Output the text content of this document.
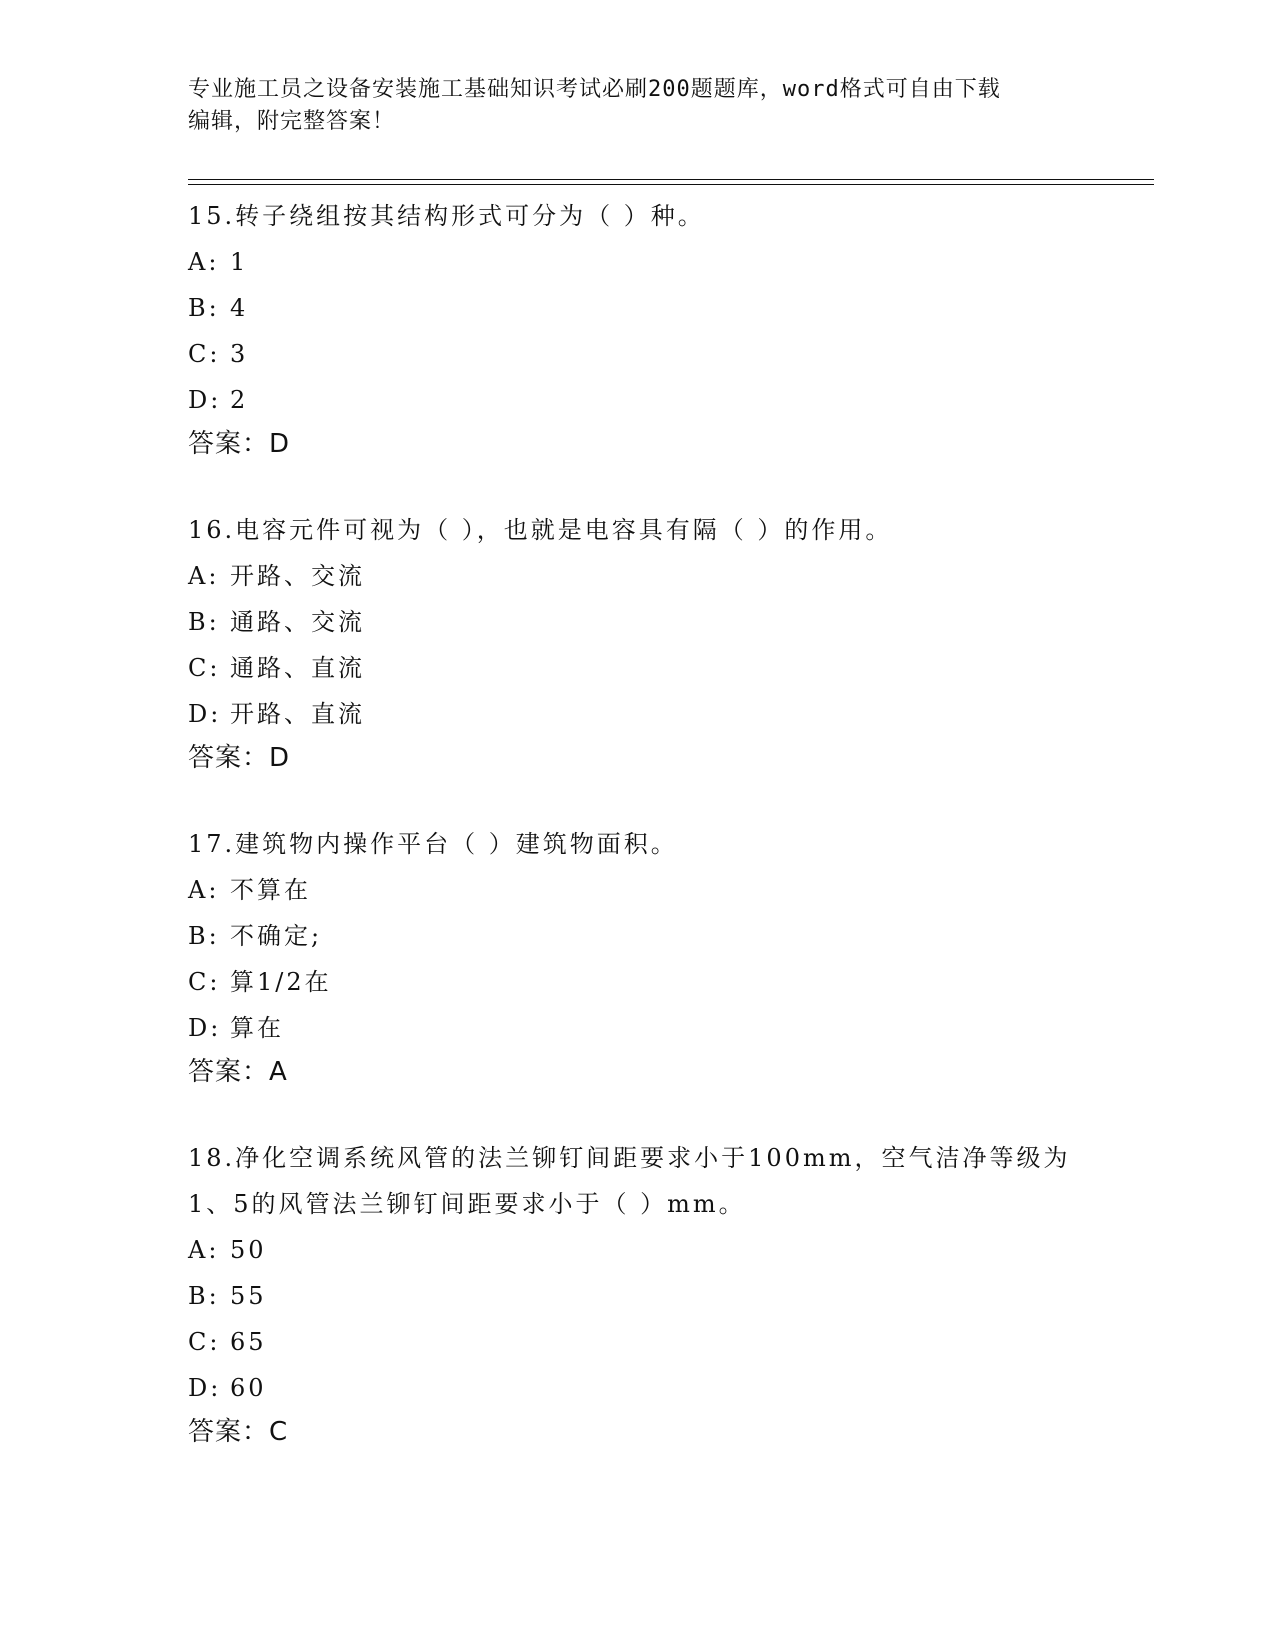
专业施工员之设备安装施工基础知识考试必刷200题题库，word格式可自由下载
编辑，附完整答案！
15.转子绕组按其结构形式可分为（ ）种。
A: 1
B: 4
C: 3
D: 2
答案：D
16.电容元件可视为（ ），也就是电容具有隔（ ）的作用。
A: 开路、交流
B: 通路、交流
C: 通路、直流
D: 开路、直流
答案：D
17.建筑物内操作平台（ ）建筑物面积。
A: 不算在
B: 不确定;
C: 算1/2在
D: 算在
答案：A
18.净化空调系统风管的法兰铆钉间距要求小于100mm，空气洁净等级为1、5的风管法兰铆钉间距要求小于（ ）mm。
A: 50
B: 55
C: 65
D: 60
答案：C
